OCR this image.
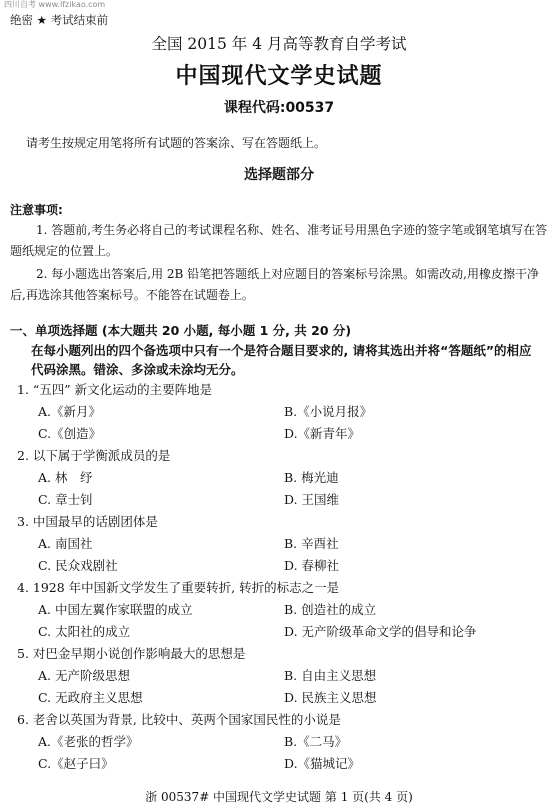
四川自考 www.lfzikao.com
绝密 ★ 考试结束前
全国 2015 年 4 月高等教育自学考试
中国现代文学史试题
课程代码:00537
请考生按规定用笔将所有试题的答案涂、写在答题纸上。
选择题部分
注意事项:
1. 答题前,考生务必将自己的考试课程名称、姓名、准考证号用黑色字迹的签字笔或钢笔填写在答题纸规定的位置上。
2. 每小题选出答案后,用 2B 铅笔把答题纸上对应题目的答案标号涂黑。如需改动,用橡皮擦干净后,再选涂其他答案标号。不能答在试题卷上。
一、单项选择题 (本大题共 20 小题, 每小题 1 分, 共 20 分)
在每小题列出的四个备选项中只有一个是符合题目要求的, 请将其选出并将“答题纸”的相应代码涂黑。错涂、多涂或未涂均无分。
1. “五四” 新文化运动的主要阵地是
A.《新月》	B.《小说月报》
C.《创造》	D.《新青年》
2. 以下属于学衡派成员的是
A. 林　纾	B. 梅光迪
C. 章士钊	D. 王国维
3. 中国最早的话剧团体是
A. 南国社	B. 辛酉社
C. 民众戏剧社	D. 春柳社
4. 1928 年中国新文学发生了重要转折, 转折的标志之一是
A. 中国左翼作家联盟的成立	B. 创造社的成立
C. 太阳社的成立	D. 无产阶级革命文学的倡导和论争
5. 对巴金早期小说创作影响最大的思想是
A. 无产阶级思想	B. 自由主义思想
C. 无政府主义思想	D. 民族主义思想
6. 老舍以英国为背景, 比较中、英两个国家国民性的小说是
A.《老张的哲学》	B.《二马》
C.《赵子曰》	D.《猫城记》
浙 00537# 中国现代文学史试题 第 1 页(共 4 页)
